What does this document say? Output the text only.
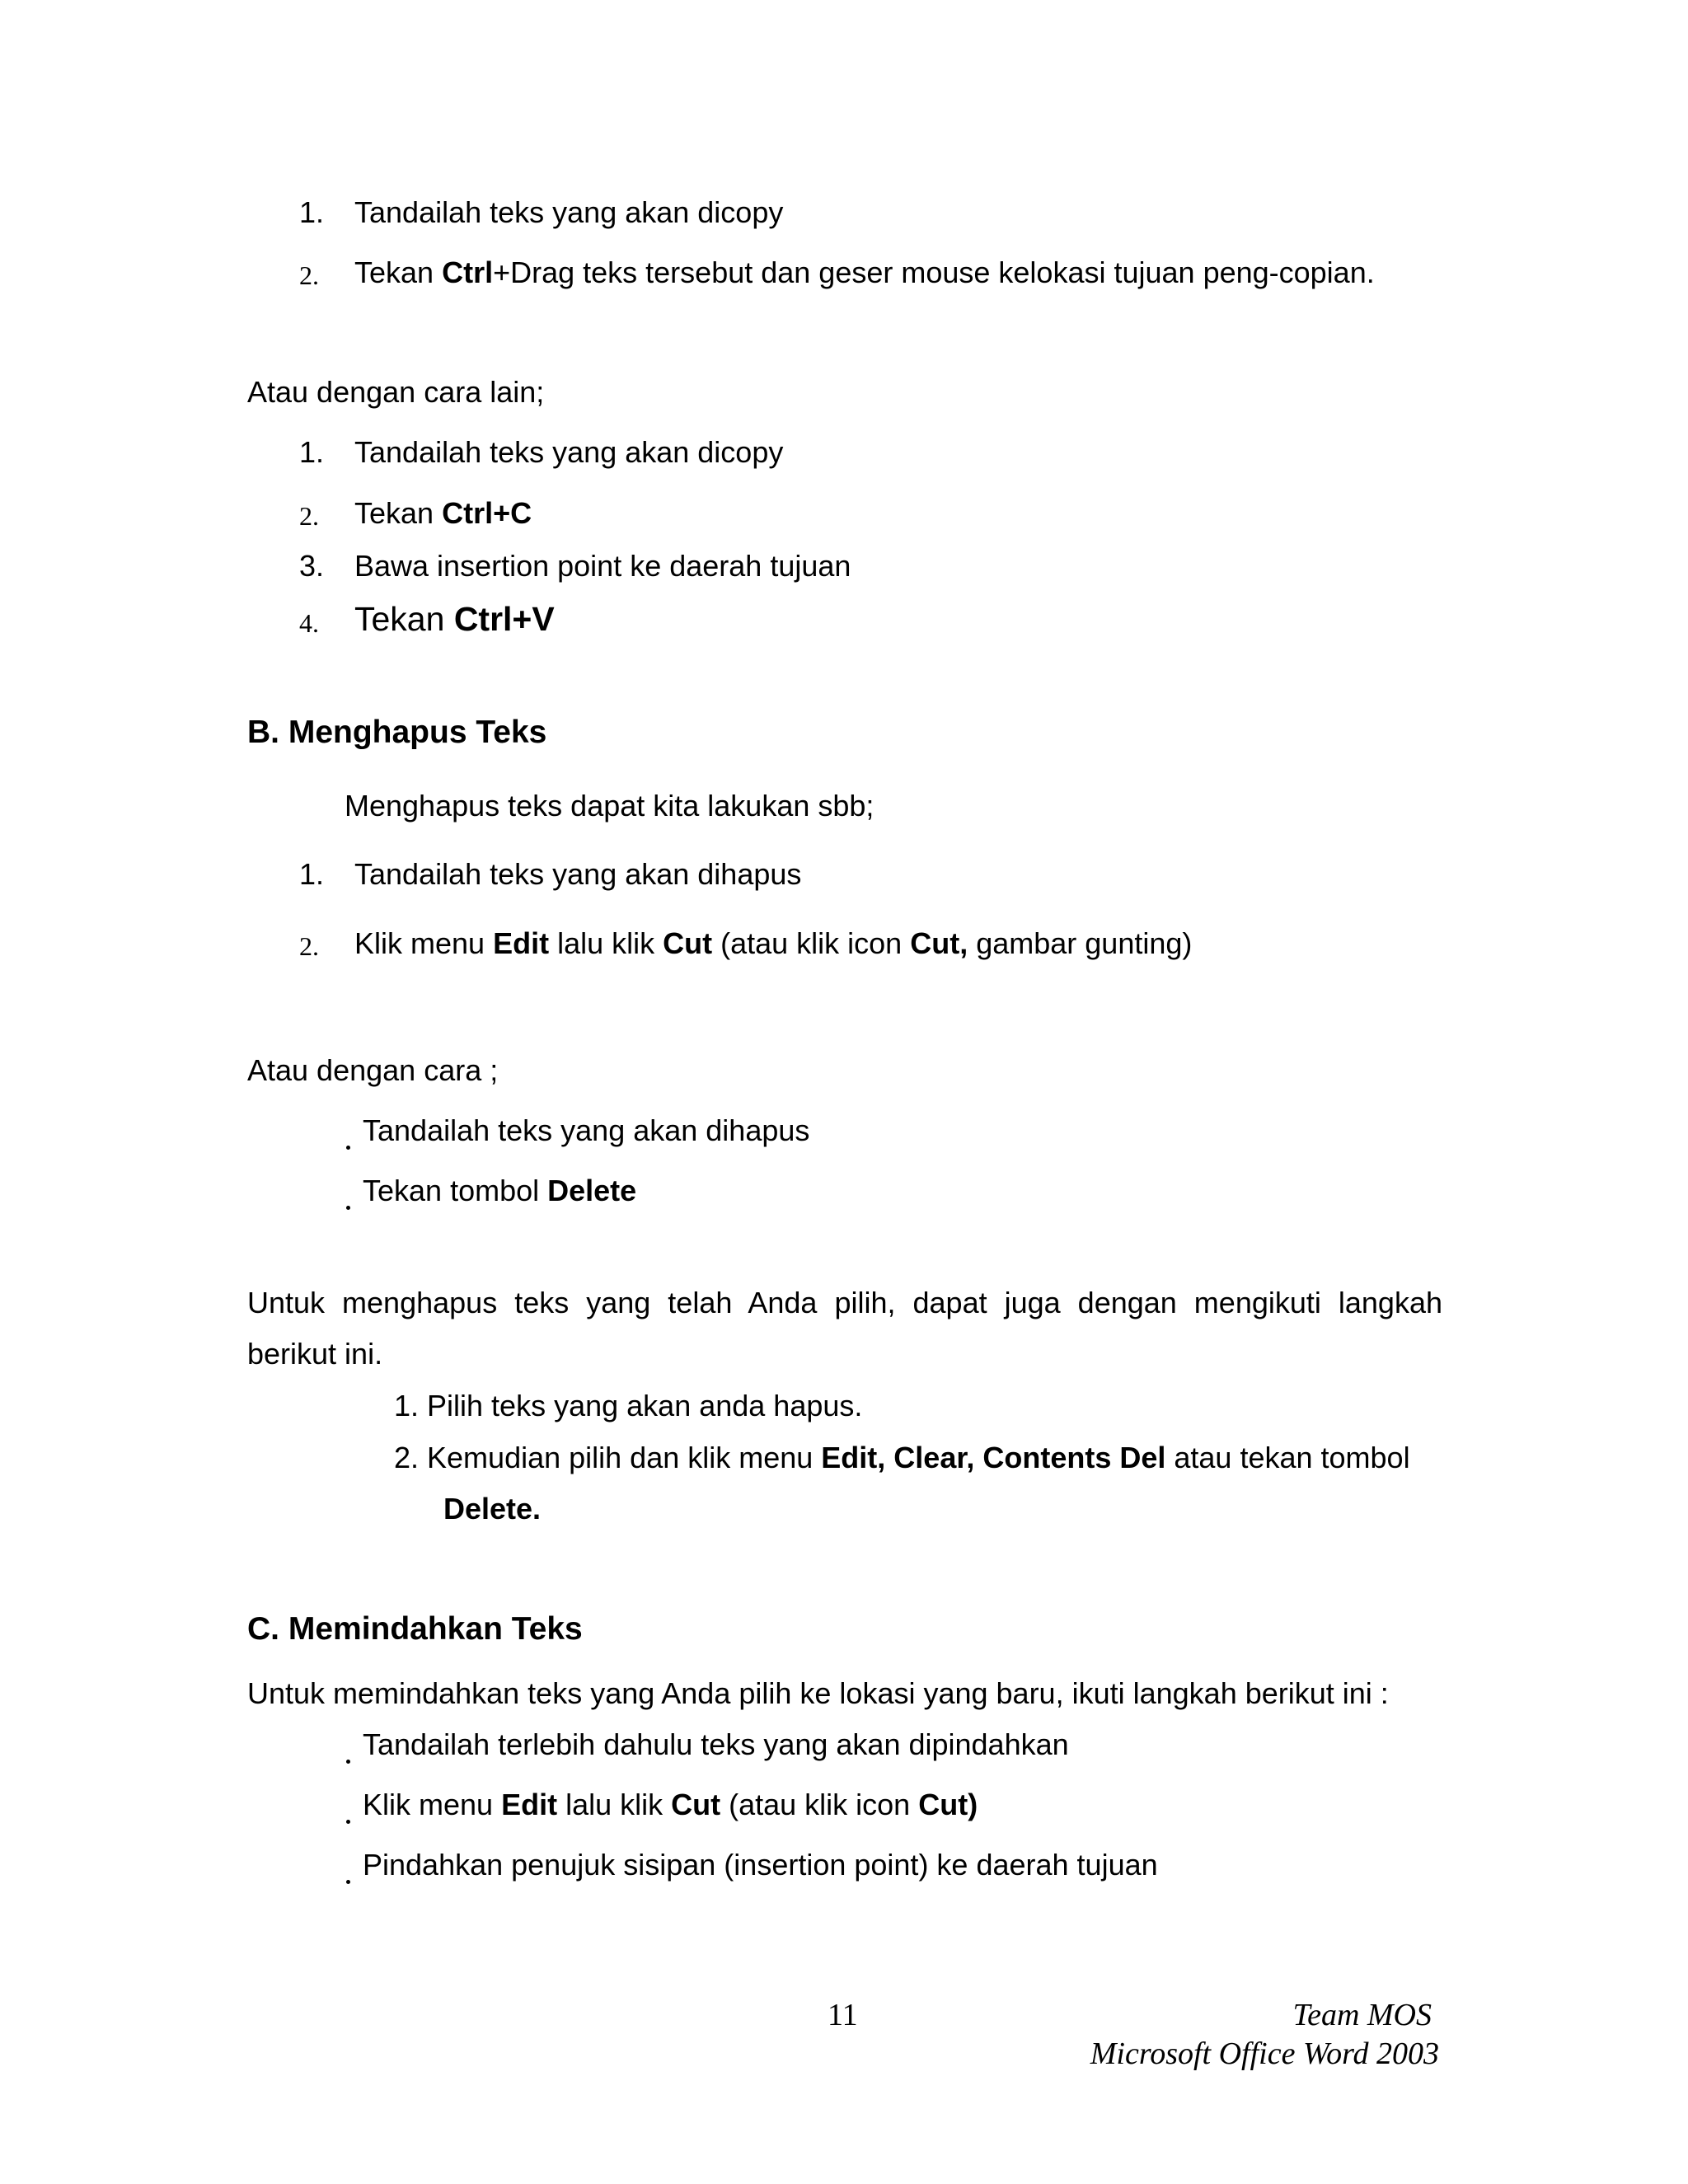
1. Tandailah teks yang akan dicopy
2. Tekan Ctrl+Drag teks tersebut dan geser mouse kelokasi tujuan peng-copian.
Atau dengan cara lain;
1. Tandailah teks yang akan dicopy
2. Tekan Ctrl+C
3. Bawa insertion point ke daerah tujuan
4. Tekan Ctrl+V
B. Menghapus Teks
Menghapus teks dapat kita lakukan sbb;
1. Tandailah teks yang akan dihapus
2. Klik menu Edit lalu klik Cut (atau klik icon Cut, gambar gunting)
Atau dengan cara ;
Tandailah teks yang akan dihapus
Tekan tombol Delete
Untuk menghapus teks yang telah Anda pilih, dapat juga dengan mengikuti langkah
berikut ini.
1. Pilih teks yang akan anda hapus.
2. Kemudian pilih dan klik menu Edit, Clear, Contents Del atau tekan tombol
Delete.
C. Memindahkan Teks
Untuk memindahkan teks yang Anda pilih ke lokasi yang baru, ikuti langkah berikut ini :
Tandailah terlebih dahulu teks yang akan dipindahkan
Klik menu Edit lalu klik Cut (atau klik icon Cut)
Pindahkan penujuk sisipan (insertion point) ke daerah tujuan
11	Team MOS
Microsoft Office Word 2003
